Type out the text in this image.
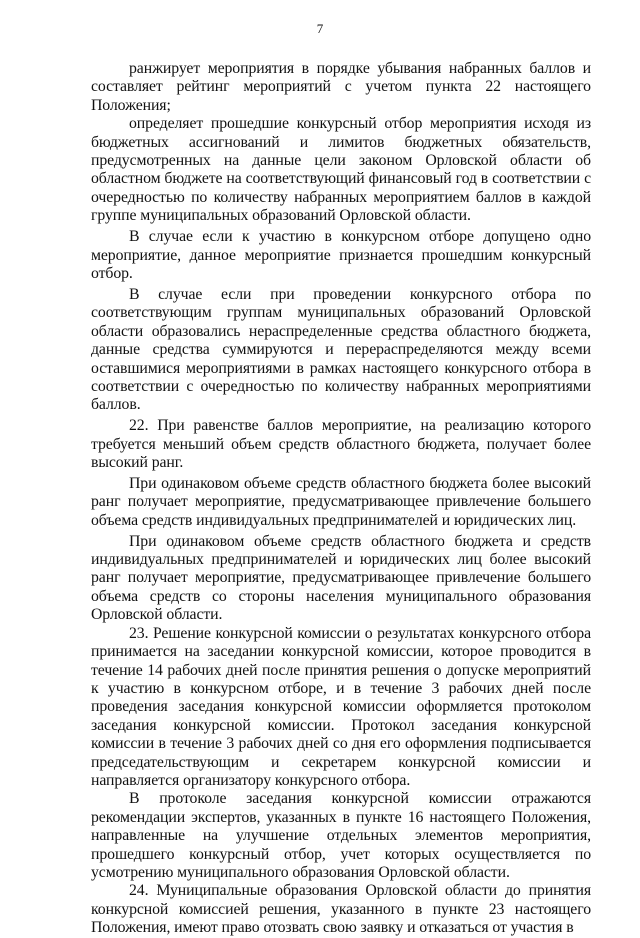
7

ранжирует мероприятия в порядке убывания набранных баллов и составляет рейтинг мероприятий с учетом пункта 22 настоящего Положения;

определяет прошедшие конкурсный отбор мероприятия исходя из бюджетных ассигнований и лимитов бюджетных обязательств, предусмотренных на данные цели законом Орловской области об областном бюджете на соответствующий финансовый год в соответствии с очередностью по количеству набранных мероприятием баллов в каждой группе муниципальных образований Орловской области.

В случае если к участию в конкурсном отборе допущено одно мероприятие, данное мероприятие признается прошедшим конкурсный отбор.

В случае если при проведении конкурсного отбора по соответствующим группам муниципальных образований Орловской области образовались нераспределенные средства областного бюджета, данные средства суммируются и перераспределяются между всеми оставшимися мероприятиями в рамках настоящего конкурсного отбора в соответствии с очередностью по количеству набранных мероприятиями баллов.

22. При равенстве баллов мероприятие, на реализацию которого требуется меньший объем средств областного бюджета, получает более высокий ранг.

При одинаковом объеме средств областного бюджета более высокий ранг получает мероприятие, предусматривающее привлечение большего объема средств индивидуальных предпринимателей и юридических лиц.

При одинаковом объеме средств областного бюджета и средств индивидуальных предпринимателей и юридических лиц более высокий ранг получает мероприятие, предусматривающее привлечение большего объема средств со стороны населения муниципального образования Орловской области.

23. Решение конкурсной комиссии о результатах конкурсного отбора принимается на заседании конкурсной комиссии, которое проводится в течение 14 рабочих дней после принятия решения о допуске мероприятий к участию в конкурсном отборе, и в течение 3 рабочих дней после проведения заседания конкурсной комиссии оформляется протоколом заседания конкурсной комиссии. Протокол заседания конкурсной комиссии в течение 3 рабочих дней со дня его оформления подписывается председательствующим и секретарем конкурсной комиссии и направляется организатору конкурсного отбора.

В протоколе заседания конкурсной комиссии отражаются рекомендации экспертов, указанных в пункте 16 настоящего Положения, направленные на улучшение отдельных элементов мероприятия, прошедшего конкурсный отбор, учет которых осуществляется по усмотрению муниципального образования Орловской области.

24. Муниципальные образования Орловской области до принятия конкурсной комиссией решения, указанного в пункте 23 настоящего Положения, имеют право отозвать свою заявку и отказаться от участия в
